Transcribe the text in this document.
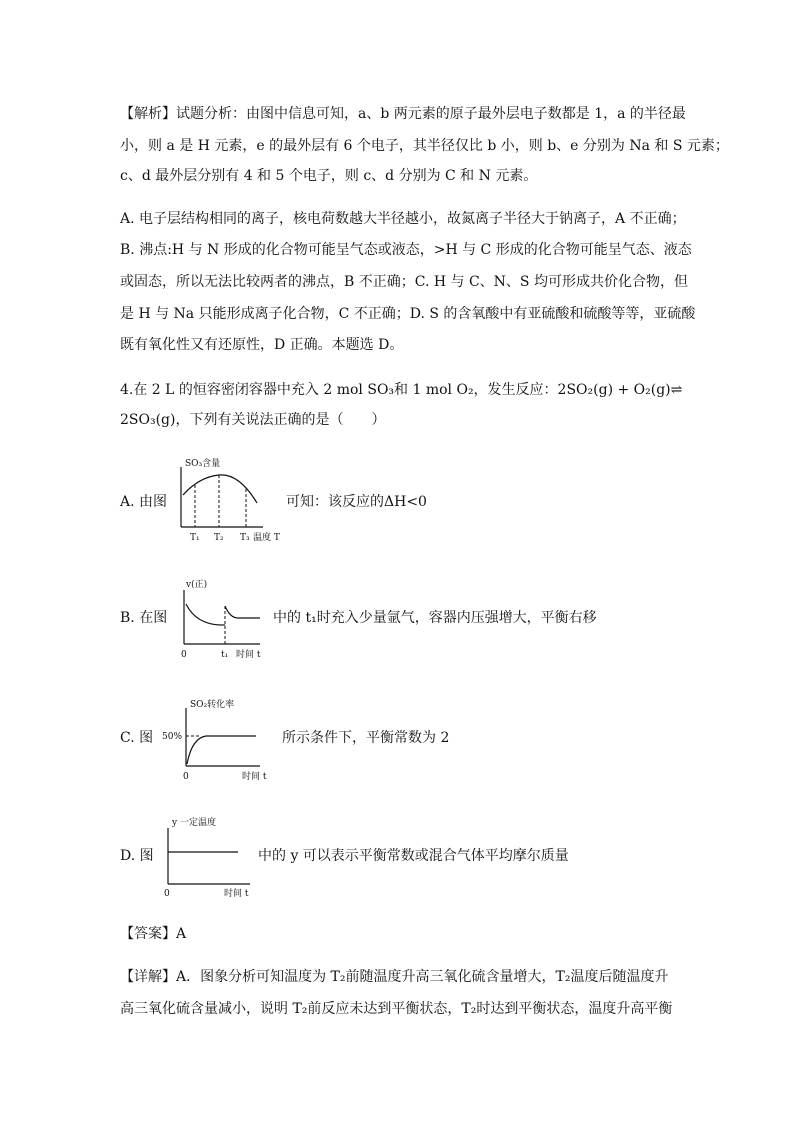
【解析】试题分析：由图中信息可知，a、b 两元素的原子最外层电子数都是 1，a 的半径最
小，则 a 是 H 元素，e 的最外层有 6 个电子，其半径仅比 b 小，则 b、e 分别为 Na 和 S 元素；
c、d 最外层分别有 4 和 5 个电子，则 c、d 分别为 C 和 N 元素。
A. 电子层结构相同的离子，核电荷数越大半径越小，故氮离子半径大于钠离子，A 不正确；
B. 沸点:H 与 N 形成的化合物可能呈气态或液态，>H 与 C 形成的化合物可能呈气态、液态
或固态，所以无法比较两者的沸点，B 不正确；C. H 与 C、N、S 均可形成共价化合物，但
是 H 与 Na 只能形成离子化合物，C 不正确；D. S 的含氧酸中有亚硫酸和硫酸等等，亚硫酸
既有氧化性又有还原性，D 正确。本题选 D。
4.在 2 L 的恒容密闭容器中充入 2 mol SO₃和 1 mol O₂，发生反应：2SO₂(g) + O₂(g)⇌
2SO₃(g)，下列有关说法正确的是（　　）
A. 由图
SO₃含量
T₁ T₂ T₃ 温度 T
可知：该反应的ΔH<0
B. 在图
v(正)
0	t₁ 时间 t
中的 t₁时充入少量氩气，容器内压强增大，平衡右移
C. 图
SO₂转化率
50%
0	时间 t
所示条件下，平衡常数为 2
D. 图
y 一定温度
0	时间 t
中的 y 可以表示平衡常数或混合气体平均摩尔质量
【答案】A
【详解】A．图象分析可知温度为 T₂前随温度升高三氧化硫含量增大，T₂温度后随温度升
高三氧化硫含量减小，说明 T₂前反应未达到平衡状态，T₂时达到平衡状态，温度升高平衡
